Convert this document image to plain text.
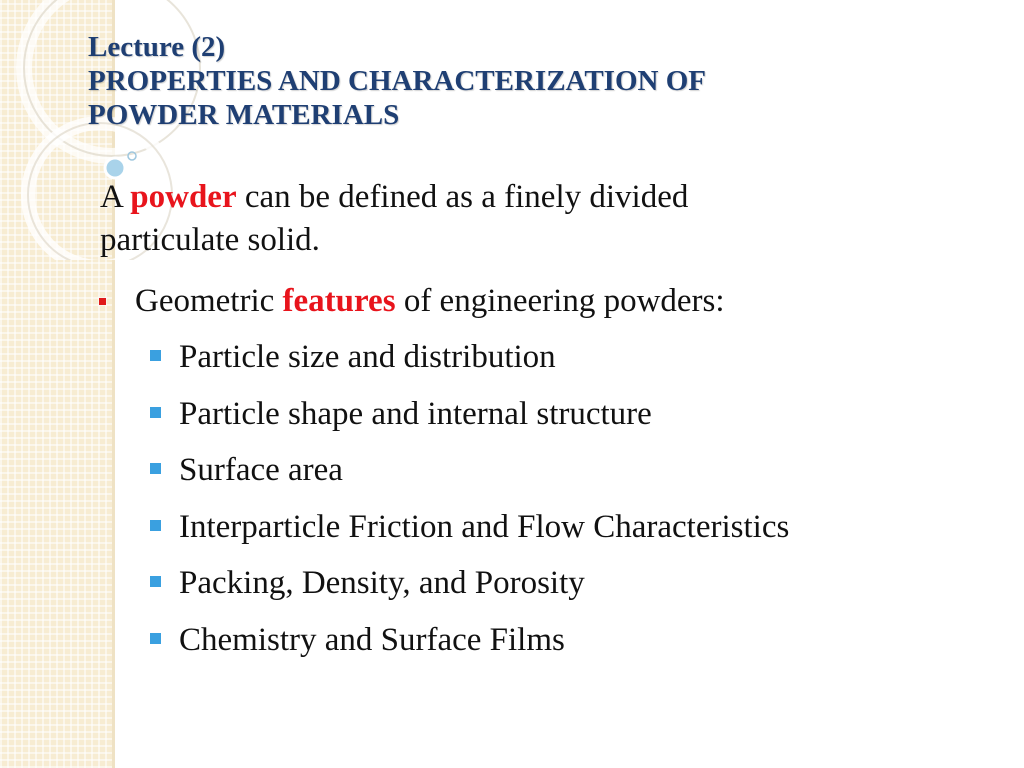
Lecture (2)
PROPERTIES AND CHARACTERIZATION OF
POWDER MATERIALS
A powder can be defined as a finely divided
particulate solid.
Geometric features of engineering powders:
Particle size and distribution
Particle shape and internal structure
Surface area
Interparticle Friction and Flow Characteristics
Packing, Density, and Porosity
Chemistry and Surface Films
